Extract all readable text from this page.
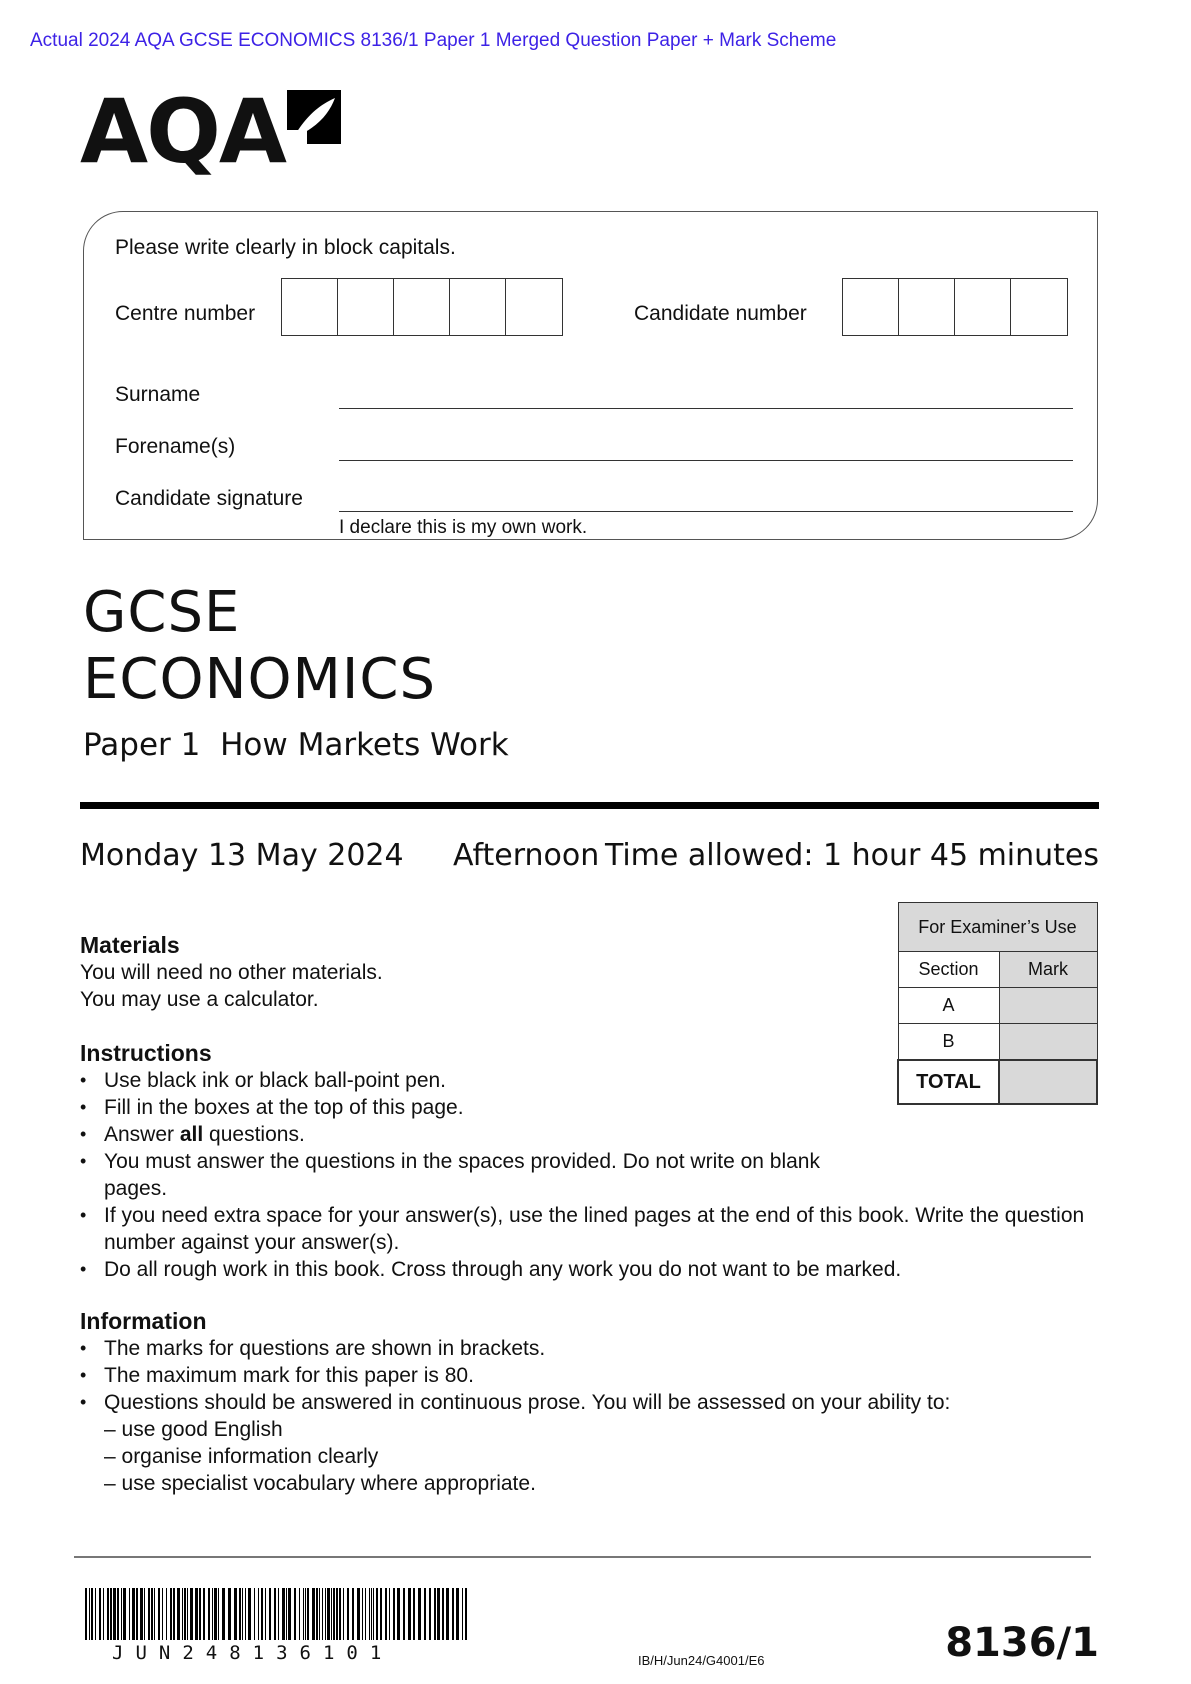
Actual 2024 AQA GCSE ECONOMICS 8136/1 Paper 1 Merged Question Paper + Mark Scheme
AQA
Please write clearly in block capitals.
Centre number	Candidate number
Surname
Forename(s)
Candidate signature
I declare this is my own work.
GCSE
ECONOMICS
Paper 1 How Markets Work
Monday 13 May 2024 Afternoon Time allowed: 1 hour 45 minutes
Materials
You will need no other materials.
You may use a calculator.
Instructions
• Use black ink or black ball-point pen.
• Fill in the boxes at the top of this page.
• Answer all questions.
• You must answer the questions in the spaces provided. Do not write on blank pages.
• If you need extra space for your answer(s), use the lined pages at the end of this book. Write the question number against your answer(s).
• Do all rough work in this book. Cross through any work you do not want to be marked.
Information
• The marks for questions are shown in brackets.
• The maximum mark for this paper is 80.
• Questions should be answered in continuous prose. You will be assessed on your ability to:
– use good English
– organise information clearly
– use specialist vocabulary where appropriate.
For Examiner’s Use	
Section	Mark
A	
B	
TOTAL	
JUN248136101	IB/H/Jun24/G4001/E6	8136/1
